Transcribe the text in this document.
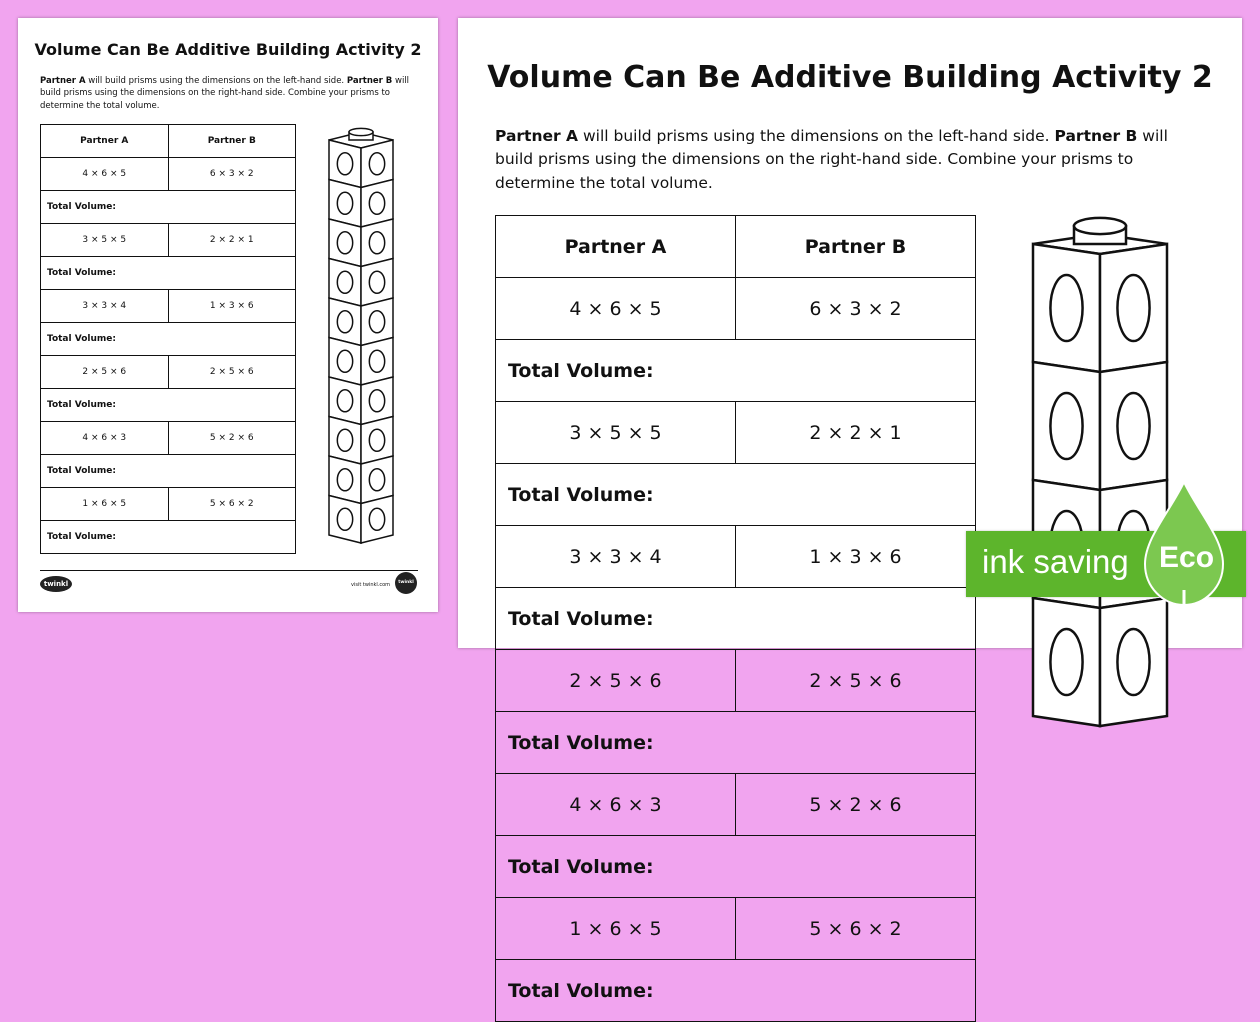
Volume Can Be Additive Building Activity 2
Partner A will build prisms using the dimensions on the left-hand side. Partner B will build prisms using the dimensions on the right-hand side. Combine your prisms to determine the total volume.
Partner A	Partner B
4 × 6 × 5	6 × 3 × 2
Total Volume:	
3 × 5 × 5	2 × 2 × 1
Total Volume:	
3 × 3 × 4	1 × 3 × 6
Total Volume:	
2 × 5 × 6	2 × 5 × 6
Total Volume:	
4 × 6 × 3	5 × 2 × 6
Total Volume:	
1 × 6 × 5	5 × 6 × 2
Total Volume:	
twinkl	visit twinkl.com	twinkl
Volume Can Be Additive Building Activity 2
Partner A will build prisms using the dimensions on the left-hand side. Partner B will build prisms using the dimensions on the right-hand side. Combine your prisms to determine the total volume.
Partner A	Partner B
4 × 6 × 5	6 × 3 × 2
Total Volume:	
3 × 5 × 5	2 × 2 × 1
Total Volume:	
3 × 3 × 4	1 × 3 × 6
Total Volume:	
2 × 5 × 6	2 × 5 × 6
Total Volume:	
4 × 6 × 3	5 × 2 × 6
Total Volume:	
1 × 6 × 5	5 × 6 × 2
Total Volume:	
ink saving Eco
